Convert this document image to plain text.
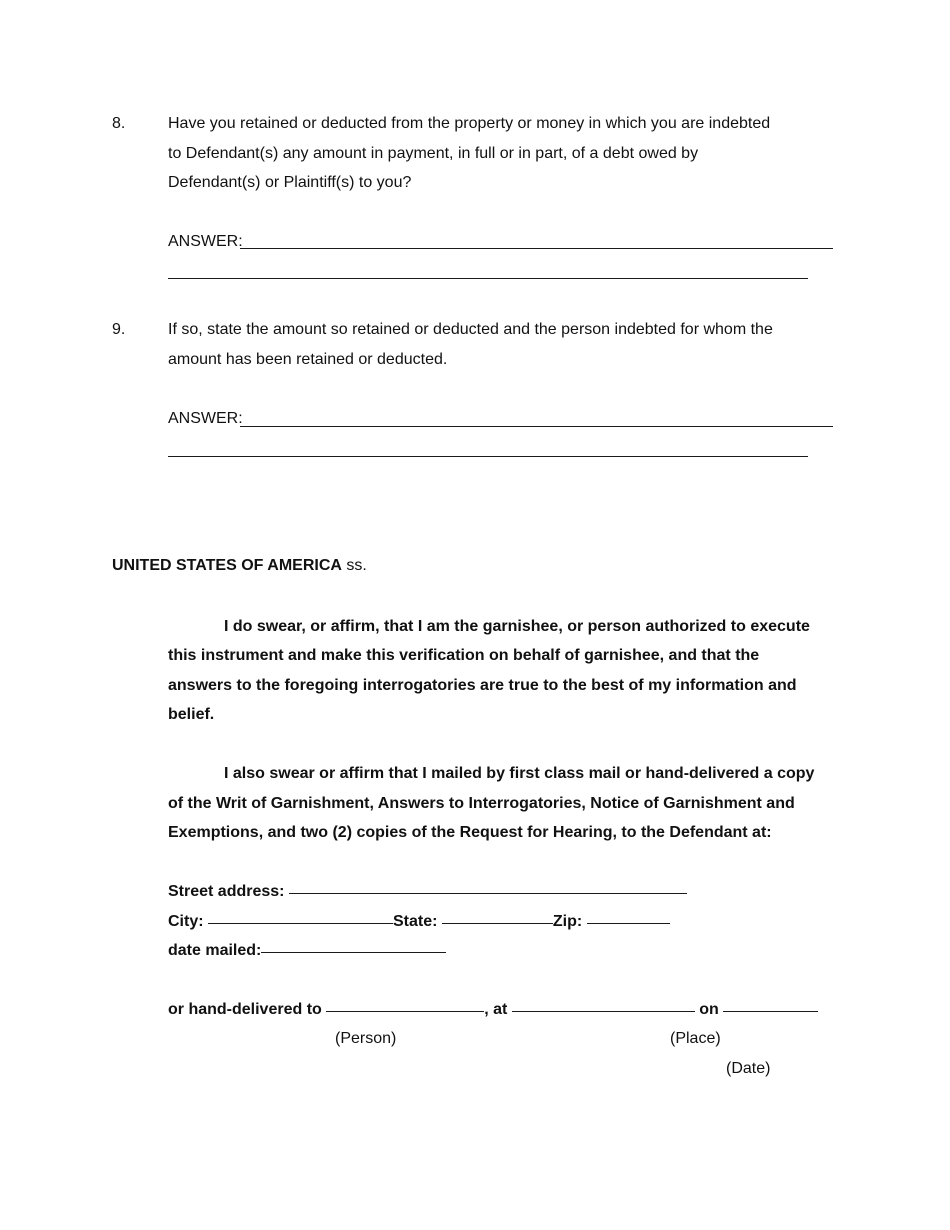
8.	Have you retained or deducted from the property or money in which you are indebted
to Defendant(s) any amount in payment, in full or in part, of a debt owed by
Defendant(s) or Plaintiff(s) to you?
ANSWER:
9.	If so, state the amount so retained or deducted and the person indebted for whom the
amount has been retained or deducted.
ANSWER:
UNITED STATES OF AMERICA ss.
I do swear, or affirm, that I am the garnishee, or person authorized to execute
this instrument and make this verification on behalf of garnishee, and that the
answers to the foregoing interrogatories are true to the best of my information and
belief.
I also swear or affirm that I mailed by first class mail or hand-delivered a copy
of the Writ of Garnishment, Answers to Interrogatories, Notice of Garnishment and
Exemptions, and two (2) copies of the Request for Hearing, to the Defendant at:
Street address:
City:	State:	Zip:
date mailed:
or hand-delivered to	, at	on
(Person)	(Place)
(Date)
